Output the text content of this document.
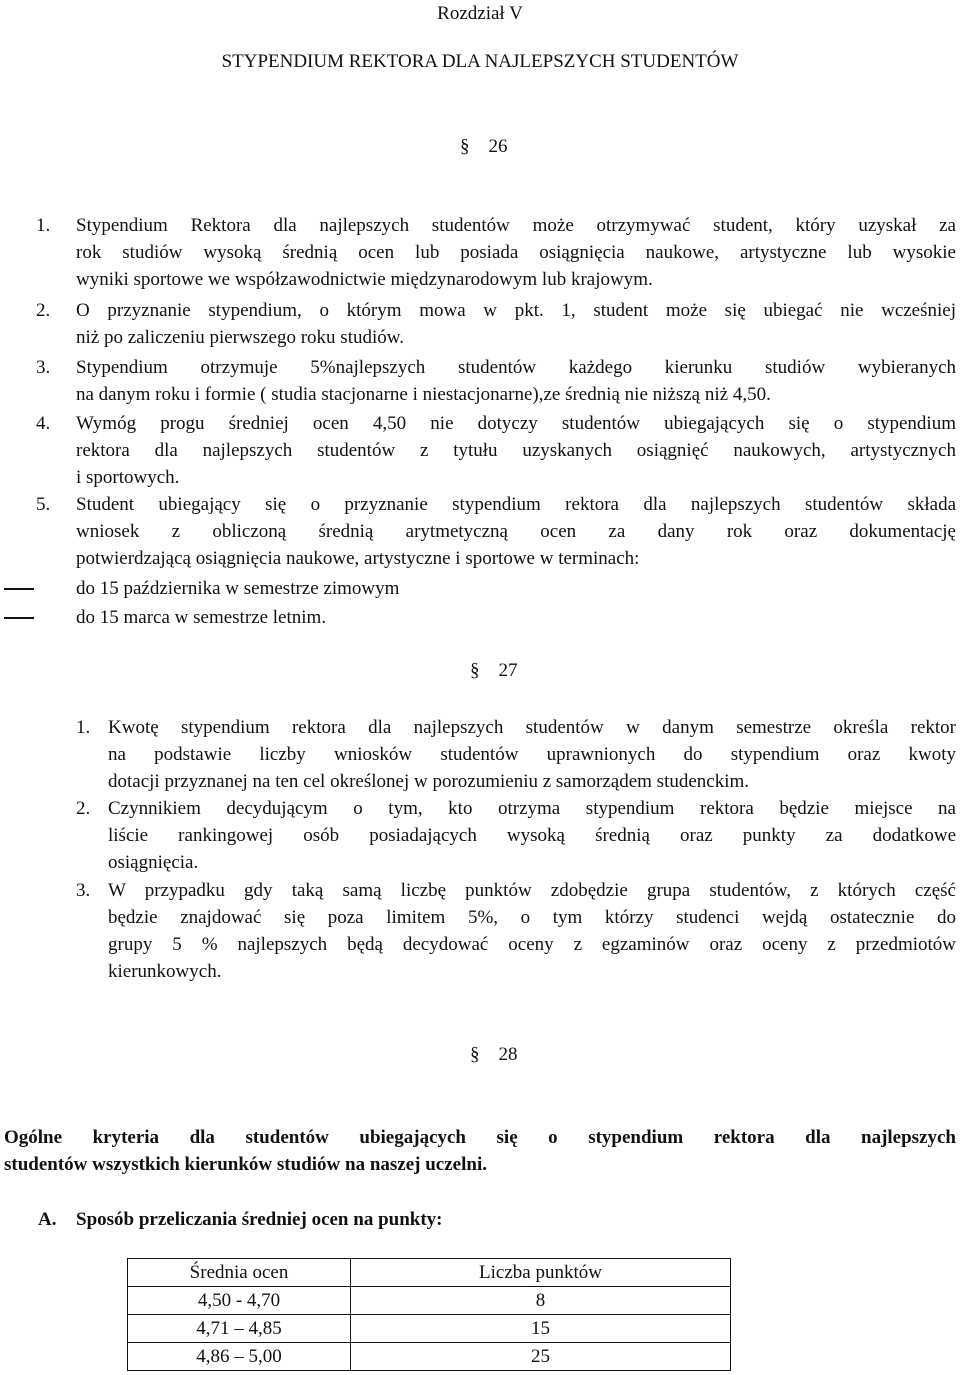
Rozdział V
STYPENDIUM REKTORA DLA NAJLEPSZYCH STUDENTÓW
§ 26
1. Stypendium Rektora dla najlepszych studentów może otrzymywać student, który uzyskał za
rok studiów wysoką średnią ocen lub posiada osiągnięcia naukowe, artystyczne lub wysokie
wyniki sportowe we współzawodnictwie międzynarodowym lub krajowym.
2. O przyznanie stypendium, o którym mowa w pkt. 1, student może się ubiegać nie wcześniej
niż po zaliczeniu pierwszego roku studiów.
3. Stypendium otrzymuje 5%najlepszych studentów każdego kierunku studiów wybieranych
na danym roku i formie ( studia stacjonarne i niestacjonarne),ze średnią nie niższą niż 4,50.
4. Wymóg progu średniej ocen 4,50 nie dotyczy studentów ubiegających się o stypendium
rektora dla najlepszych studentów z tytułu uzyskanych osiągnięć naukowych, artystycznych
i sportowych.
5. Student ubiegający się o przyznanie stypendium rektora dla najlepszych studentów składa
wniosek z obliczoną średnią arytmetyczną ocen za dany rok oraz dokumentację
potwierdzającą osiągnięcia naukowe, artystyczne i sportowe w terminach:
do 15 października w semestrze zimowym
do 15 marca w semestrze letnim.
§ 27
1. Kwotę stypendium rektora dla najlepszych studentów w danym semestrze określa rektor
na podstawie liczby wniosków studentów uprawnionych do stypendium oraz kwoty
dotacji przyznanej na ten cel określonej w porozumieniu z samorządem studenckim.
2. Czynnikiem decydującym o tym, kto otrzyma stypendium rektora będzie miejsce na
liście rankingowej osób posiadających wysoką średnią oraz punkty za dodatkowe
osiągnięcia.
3. W przypadku gdy taką samą liczbę punktów zdobędzie grupa studentów, z których część
będzie znajdować się poza limitem 5%, o tym którzy studenci wejdą ostatecznie do
grupy 5 % najlepszych będą decydować oceny z egzaminów oraz oceny z przedmiotów
kierunkowych.
§ 28
Ogólne kryteria dla studentów ubiegających się o stypendium rektora dla najlepszych
studentów wszystkich kierunków studiów na naszej uczelni.
A. Sposób przeliczania średniej ocen na punkty:
Średnia ocen	Liczba punktów
4,50 - 4,70	8
4,71 – 4,85	15
4,86 – 5,00	25
